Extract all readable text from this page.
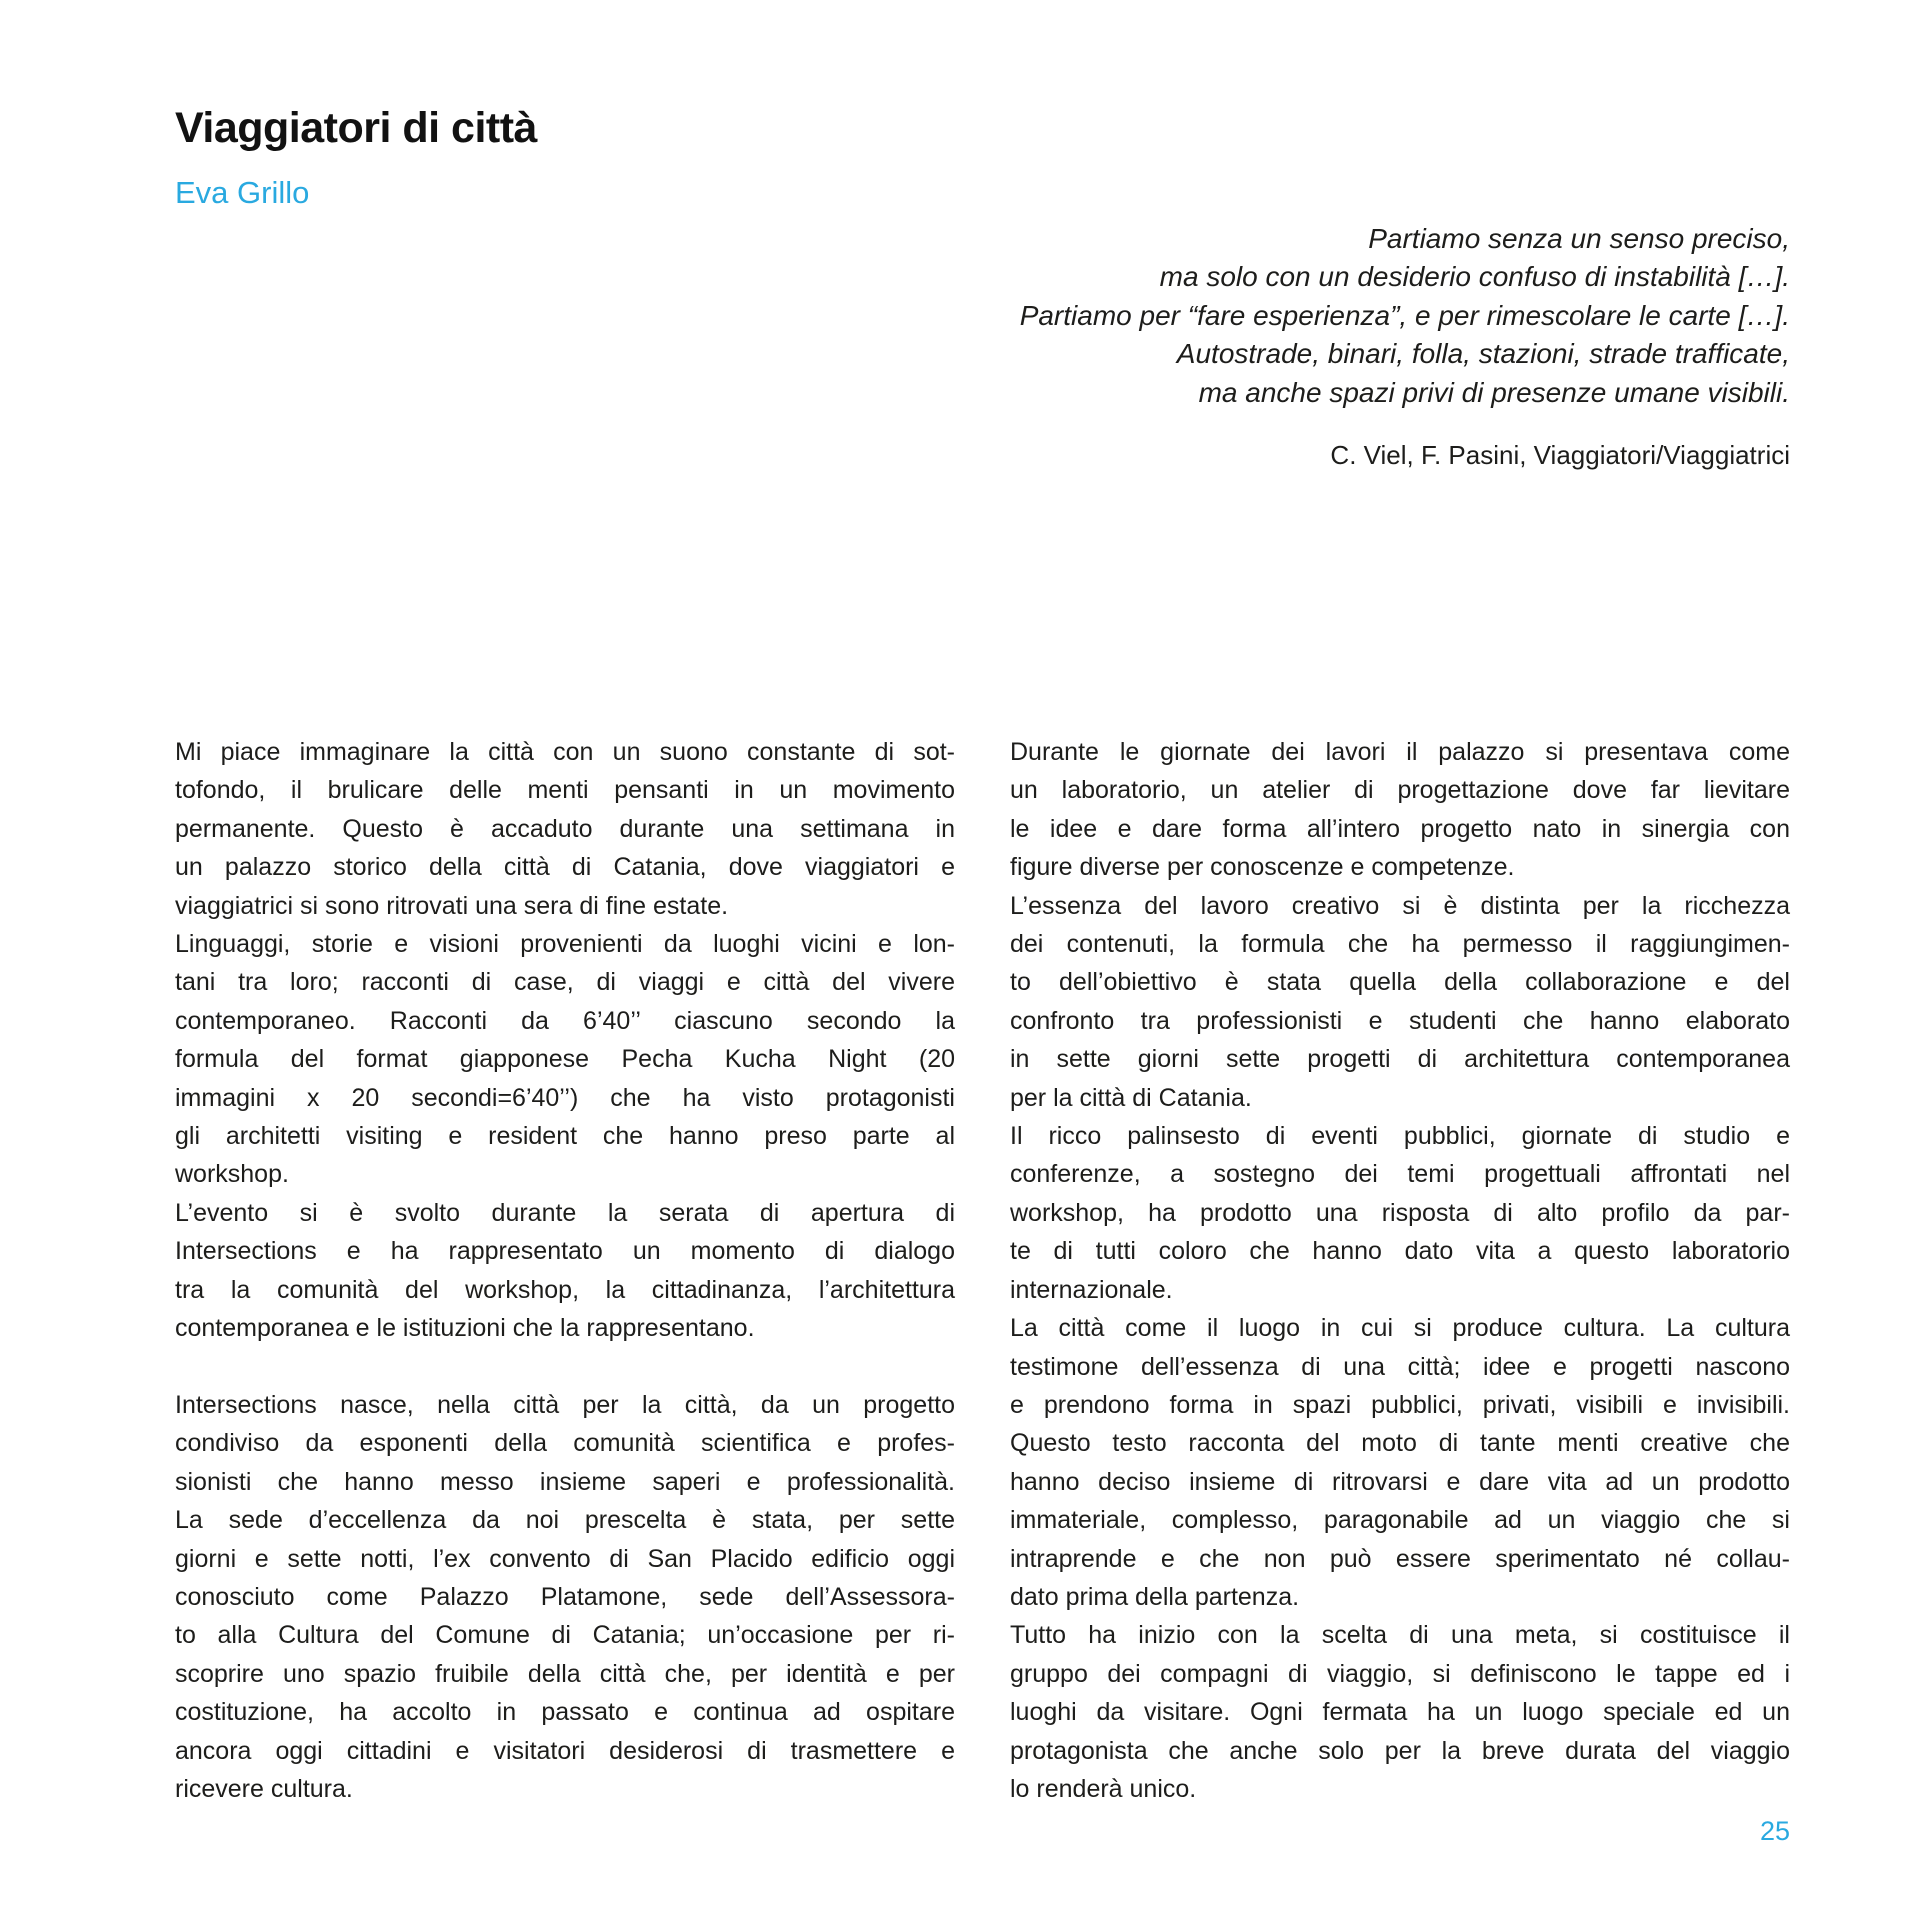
Viaggiatori di città
Eva Grillo
Partiamo senza un senso preciso,
ma solo con un desiderio confuso di instabilità […].
Partiamo per “fare esperienza”, e per rimescolare le carte […].
Autostrade, binari, folla, stazioni, strade trafficate,
ma anche spazi privi di presenze umane visibili.
C. Viel, F. Pasini, Viaggiatori/Viaggiatrici
Mi piace immaginare la città con un suono constante di sot-
tofondo, il brulicare delle menti pensanti in un movimento
permanente. Questo è accaduto durante una settimana in
un palazzo storico della città di Catania, dove viaggiatori e
viaggiatrici si sono ritrovati una sera di fine estate.
Linguaggi, storie e visioni provenienti da luoghi vicini e lon-
tani tra loro; racconti di case, di viaggi e città del vivere
contemporaneo. Racconti da 6’40’’ ciascuno secondo la
formula del format giapponese Pecha Kucha Night (20
immagini x 20 secondi=6’40’’) che ha visto protagonisti
gli architetti visiting e resident che hanno preso parte al
workshop.
L’evento si è svolto durante la serata di apertura di
Intersections e ha rappresentato un momento di dialogo
tra la comunità del workshop, la cittadinanza, l’architettura
contemporanea e le istituzioni che la rappresentano.
Intersections nasce, nella città per la città, da un progetto
condiviso da esponenti della comunità scientifica e profes-
sionisti che hanno messo insieme saperi e professionalità.
La sede d’eccellenza da noi prescelta è stata, per sette
giorni e sette notti, l’ex convento di San Placido edificio oggi
conosciuto come Palazzo Platamone, sede dell’Assessora-
to alla Cultura del Comune di Catania; un’occasione per ri-
scoprire uno spazio fruibile della città che, per identità e per
costituzione, ha accolto in passato e continua ad ospitare
ancora oggi cittadini e visitatori desiderosi di trasmettere e
ricevere cultura.
Durante le giornate dei lavori il palazzo si presentava come
un laboratorio, un atelier di progettazione dove far lievitare
le idee e dare forma all’intero progetto nato in sinergia con
figure diverse per conoscenze e competenze.
L’essenza del lavoro creativo si è distinta per la ricchezza
dei contenuti, la formula che ha permesso il raggiungimen-
to dell’obiettivo è stata quella della collaborazione e del
confronto tra professionisti e studenti che hanno elaborato
in sette giorni sette progetti di architettura contemporanea
per la città di Catania.
Il ricco palinsesto di eventi pubblici, giornate di studio e
conferenze, a sostegno dei temi progettuali affrontati nel
workshop, ha prodotto una risposta di alto profilo da par-
te di tutti coloro che hanno dato vita a questo laboratorio
internazionale.
La città come il luogo in cui si produce cultura. La cultura
testimone dell’essenza di una città; idee e progetti nascono
e prendono forma in spazi pubblici, privati, visibili e invisibili.
Questo testo racconta del moto di tante menti creative che
hanno deciso insieme di ritrovarsi e dare vita ad un prodotto
immateriale, complesso, paragonabile ad un viaggio che si
intraprende e che non può essere sperimentato né collau-
dato prima della partenza.
Tutto ha inizio con la scelta di una meta, si costituisce il
gruppo dei compagni di viaggio, si definiscono le tappe ed i
luoghi da visitare. Ogni fermata ha un luogo speciale ed un
protagonista che anche solo per la breve durata del viaggio
lo renderà unico.
25
